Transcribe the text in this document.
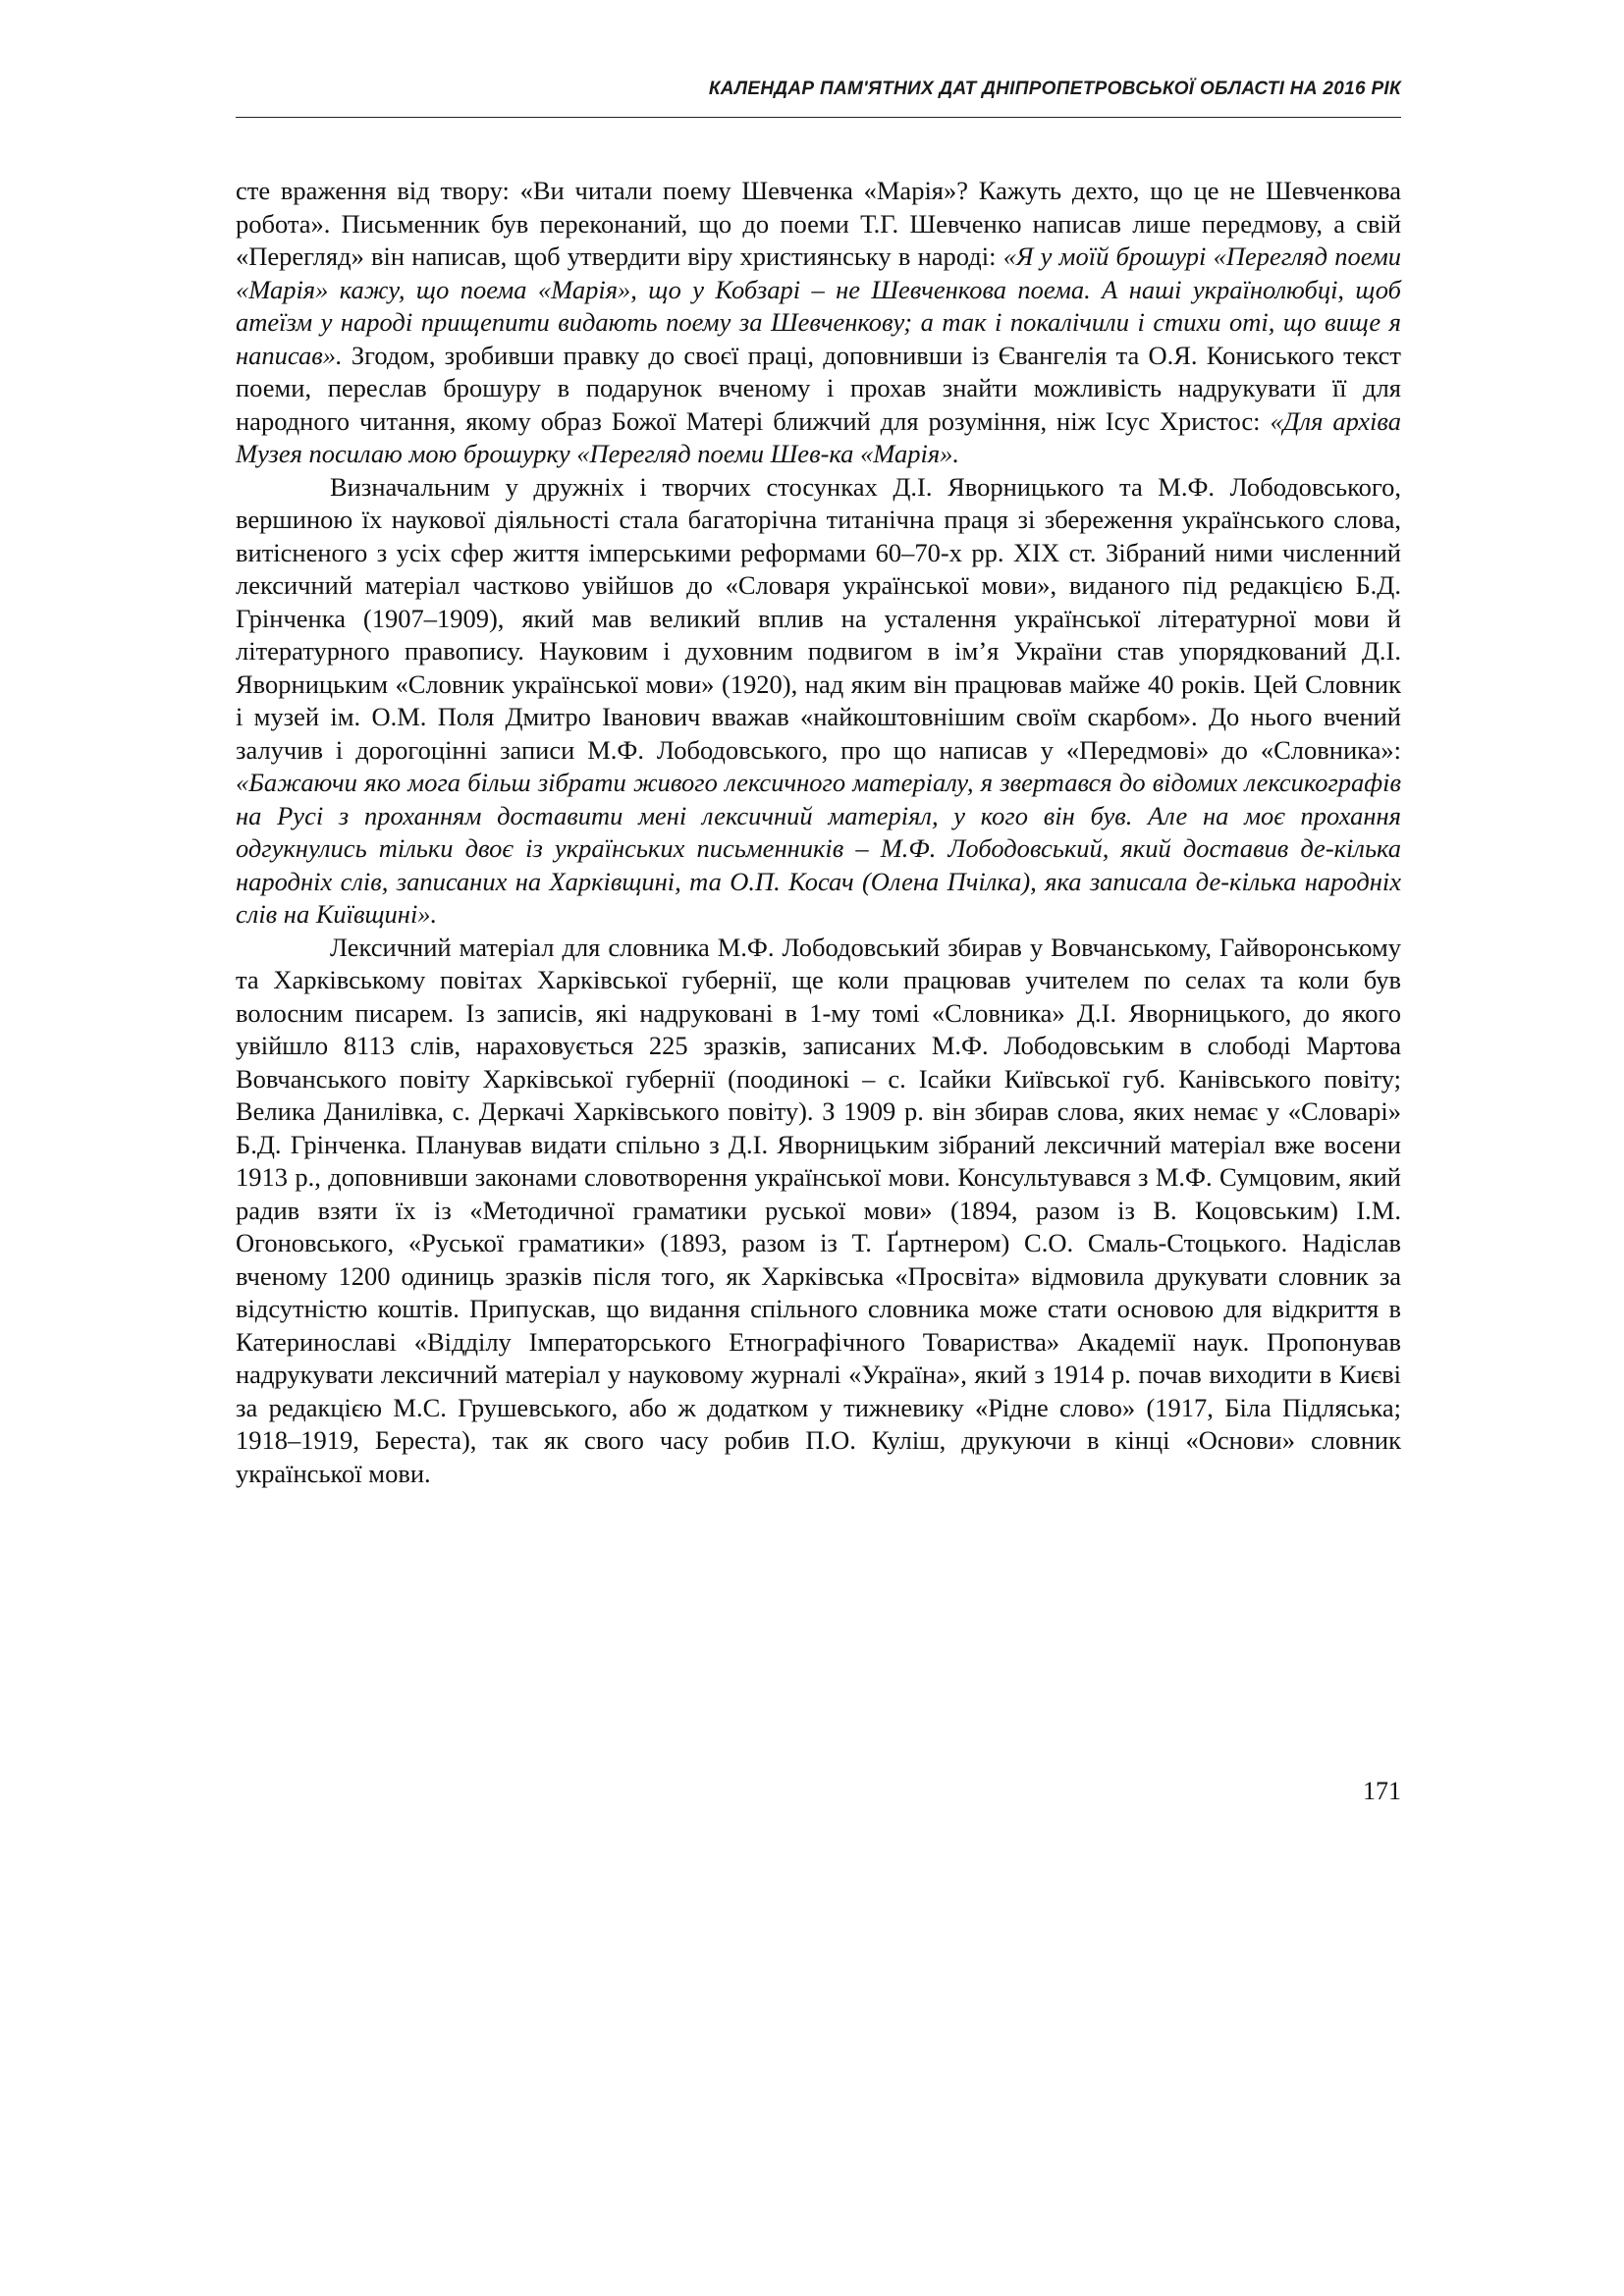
КАЛЕНДАР ПАМ'ЯТНИХ ДАТ ДНІПРОПЕТРОВСЬКОЇ ОБЛАСТІ НА 2016 РІК

сте враження від твору: «Ви читали поему Шевченка «Марія»? Кажуть дехто, що це не Шевченкова робота». Письменник був переконаний, що до поеми Т.Г. Шевченко написав лише передмову, а свій «Перегляд» він написав, щоб утвердити віру християнську в народі: «Я у моїй брошурі «Перегляд поеми «Марія» кажу, що поема «Марія», що у Кобзарі – не Шевченкова поема. А наші українолюбці, щоб атеїзм у народі прищепити видають поему за Шевченкову; а так і покалічили і стихи оті, що вище я написав». Згодом, зробивши правку до своєї праці, доповнивши із Євангелія та О.Я. Кониського текст поеми, переслав брошуру в подарунок вченому і прохав знайти можливість надрукувати її для народного читання, якому образ Божої Матері ближчий для розуміння, ніж Ісус Христос: «Для архіва Музея посилаю мою брошурку «Перегляд поеми Шев-ка «Марія».

Визначальним у дружніх і творчих стосунках Д.І. Яворницького та М.Ф. Лободовського, вершиною їх наукової діяльності стала багаторічна титанічна праця зі збереження українського слова, витісненого з усіх сфер життя імперськими реформами 60–70-х рр. XIX ст. Зібраний ними численний лексичний матеріал частково увійшов до «Словаря української мови», виданого під редакцією Б.Д. Грінченка (1907–1909), який мав великий вплив на усталення української літературної мови й літературного правопису. Науковим і духовним подвигом в ім’я України став упорядкований Д.І. Яворницьким «Словник української мови» (1920), над яким він працював майже 40 років. Цей Словник і музей ім. О.М. Поля Дмитро Іванович вважав «найкоштовнішим своїм скарбом». До нього вчений залучив і дорогоцінні записи М.Ф. Лободовського, про що написав у «Передмові» до «Словника»: «Бажаючи яко мога більш зібрати живого лексичного матеріалу, я звертався до відомих лексикографів на Русі з проханням доставити мені лексичний матеріял, у кого він був. Але на моє прохання одгукнулись тільки двоє із українських письменників – М.Ф. Лободовський, який доставив де-кілька народніх слів, записаних на Харківщині, та О.П. Косач (Олена Пчілка), яка записала де-кілька народніх слів на Київщині».

Лексичний матеріал для словника М.Ф. Лободовський збирав у Вовчанському, Гайворонському та Харківському повітах Харківської губернії, ще коли працював учителем по селах та коли був волосним писарем. Із записів, які надруковані в 1-му томі «Словника» Д.І. Яворницького, до якого увійшло 8113 слів, нараховується 225 зразків, записаних М.Ф. Лободовським в слободі Мартова Вовчанського повіту Харківської губернії (поодинокі – с. Ісайки Київської губ. Канівського повіту; Велика Данилівка, с. Деркачі Харківського повіту). З 1909 р. він збирав слова, яких немає у «Словарі» Б.Д. Грінченка. Планував видати спільно з Д.І. Яворницьким зібраний лексичний матеріал вже восени 1913 р., доповнивши законами словотворення української мови. Консультувався з М.Ф. Сумцовим, який радив взяти їх із «Методичної граматики руської мови» (1894, разом із В. Коцовським) І.М. Огоновського, «Руської граматики» (1893, разом із Т. Ґартнером) С.О. Смаль-Стоцького. Надіслав вченому 1200 одиниць зразків після того, як Харківська «Просвіта» відмовила друкувати словник за відсутністю коштів. Припускав, що видання спільного словника може стати основою для відкриття в Катеринославі «Відділу Імператорського Етнографічного Товариства» Академії наук. Пропонував надрукувати лексичний матеріал у науковому журналі «Україна», який з 1914 р. почав виходити в Києві за редакцією М.С. Грушевського, або ж додатком у тижневику «Рідне слово» (1917, Біла Підляська; 1918–1919, Береста), так як свого часу робив П.О. Куліш, друкуючи в кінці «Основи» словник української мови.

171
